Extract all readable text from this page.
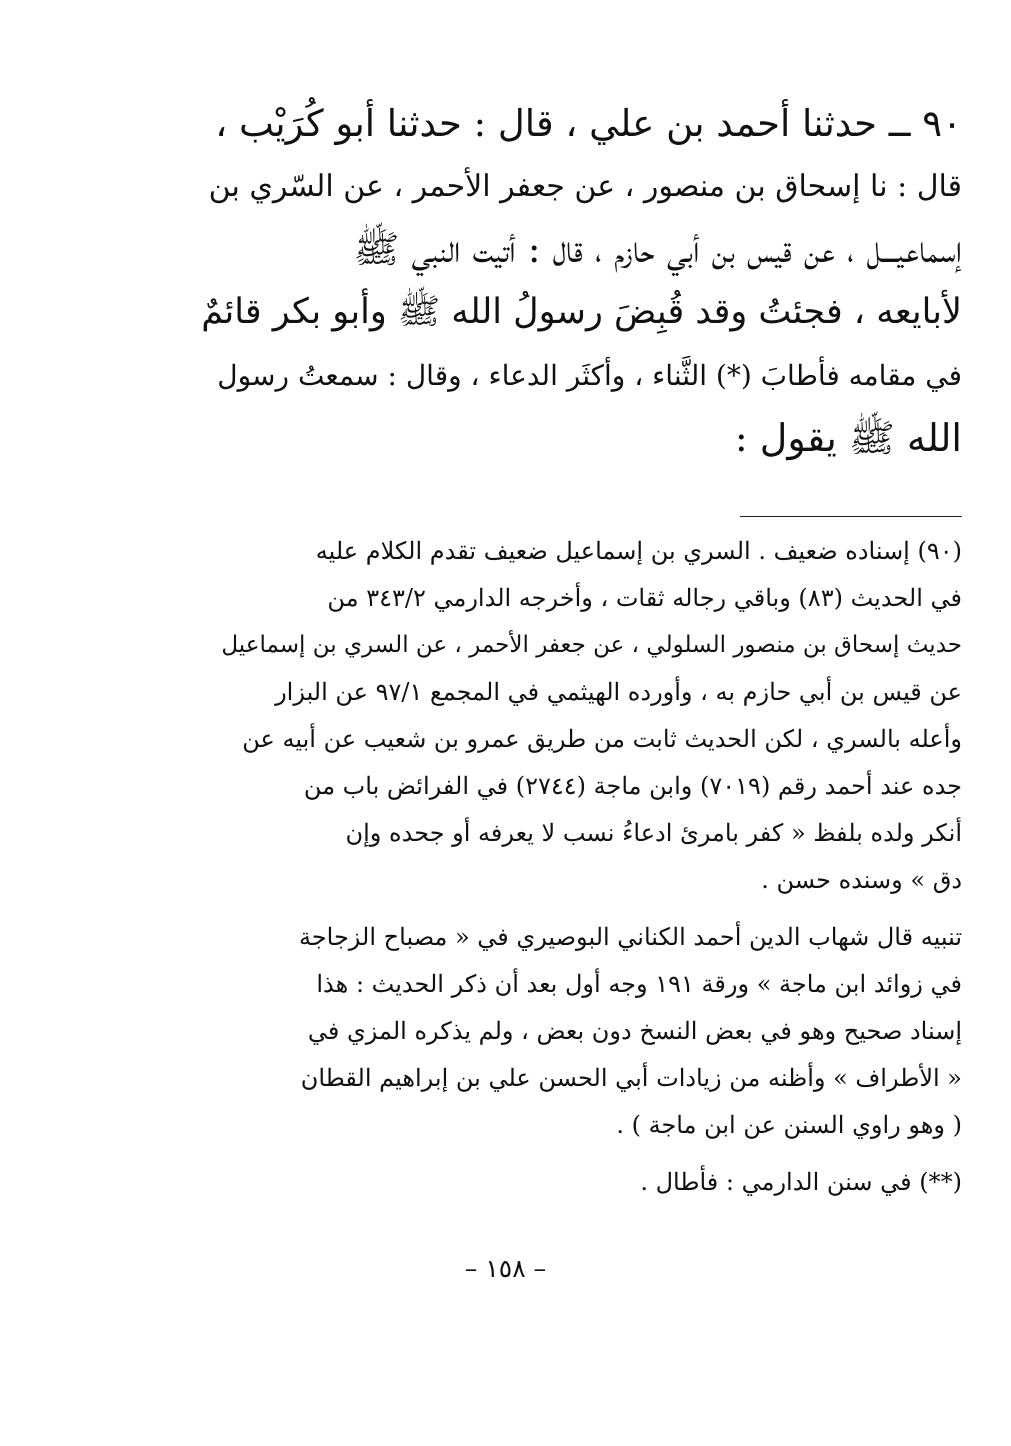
٩٠ ــ حدثنا أحمد بن علي ، قال : حدثنا أبو كُرَيْب ،
قال : نا إسحاق بن منصور ، عن جعفر الأحمر ، عن السّري بن
إسماعيـــل ، عن قيس بن أبي حازم ، قال : أتيت النبي ﷺ
لأبايعه ، فجئتُ وقد قُبِضَ رسولُ الله ﷺ وأبو بكر قائمٌ
في مقامه فأطابَ (*) الثَّناء ، وأكثَر الدعاء ، وقال : سمعتُ رسول
الله ﷺ يقول :
(٩٠) إسناده ضعيف . السري بن إسماعيل ضعيف تقدم الكلام عليه
في الحديث (٨٣) وباقي رجاله ثقات ، وأخرجه الدارمي ٣٤٣/٢ من
حديث إسحاق بن منصور السلولي ، عن جعفر الأحمر ، عن السري بن إسماعيل
عن قيس بن أبي حازم به ، وأورده الهيثمي في المجمع ٩٧/١ عن البزار
وأعله بالسري ، لكن الحديث ثابت من طريق عمرو بن شعيب عن أبيه عن
جده عند أحمد رقم (٧٠١٩) وابن ماجة (٢٧٤٤) في الفرائض باب من
أنكر ولده بلفظ « كفر بامرئ ادعاءُ نسب لا يعرفه أو جحده وإن
دق » وسنده حسن .
تنبيه قال شهاب الدين أحمد الكناني البوصيري في « مصباح الزجاجة
في زوائد ابن ماجة » ورقة ١٩١ وجه أول بعد أن ذكر الحديث : هذا
إسناد صحيح وهو في بعض النسخ دون بعض ، ولم يذكره المزي في
« الأطراف » وأظنه من زيادات أبي الحسن علي بن إبراهيم القطان
( وهو راوي السنن عن ابن ماجة ) .
(**) في سنن الدارمي : فأطال .
– ١٥٨ –
